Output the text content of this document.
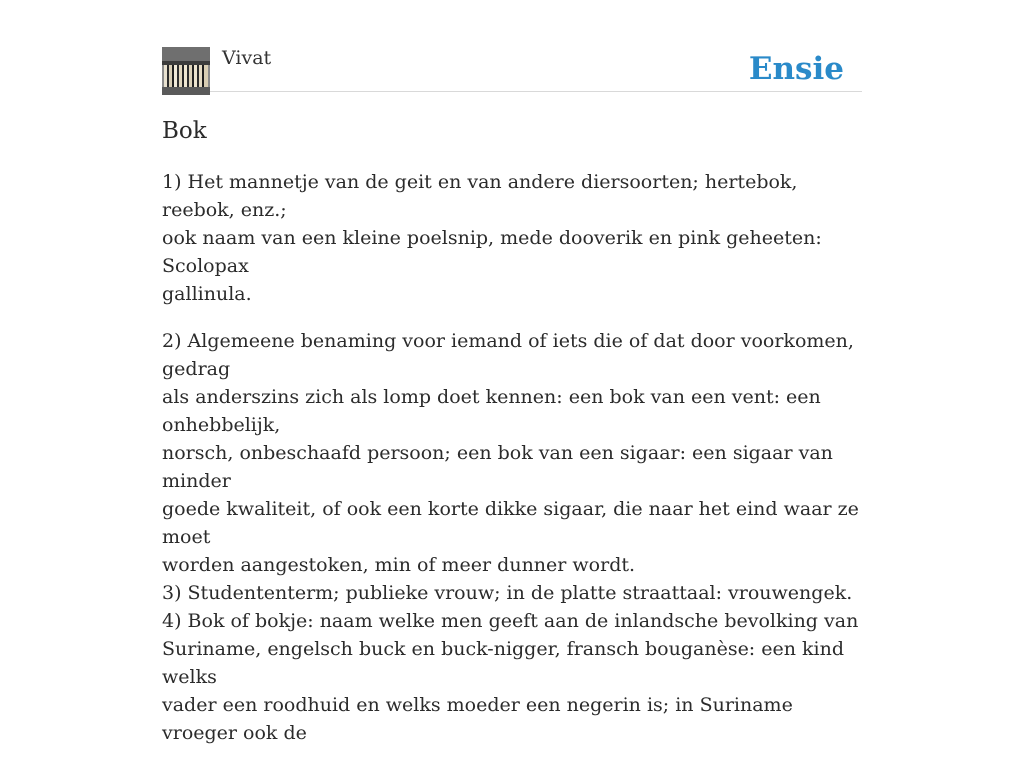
Vivat	Ensie
Bok

1) Het mannetje van de geit en van andere diersoorten; hertebok, reebok, enz.;
ook naam van een kleine poelsnip, mede dooverik en pink geheeten: Scolopax
gallinula.

2) Algemeene benaming voor iemand of iets die of dat door voorkomen, gedrag
als anderszins zich als lomp doet kennen: een bok van een vent: een onhebbelijk,
norsch, onbeschaafd persoon; een bok van een sigaar: een sigaar van minder
goede kwaliteit, of ook een korte dikke sigaar, die naar het eind waar ze moet
worden aangestoken, min of meer dunner wordt.
3) Studententerm; publieke vrouw; in de platte straattaal: vrouwengek.
4) Bok of bokje: naam welke men geeft aan de inlandsche bevolking van
Suriname, engelsch buck en buck-nigger, fransch bouganèse: een kind welks
vader een roodhuid en welks moeder een negerin is; in Suriname vroeger ook de
